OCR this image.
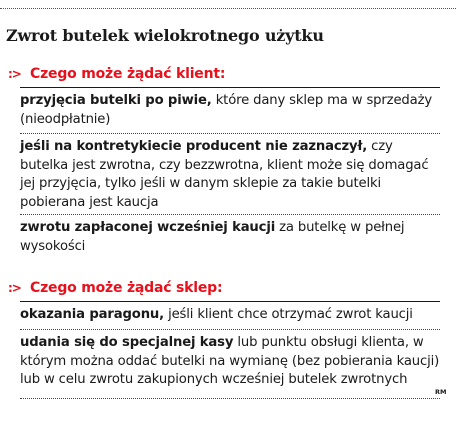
Zwrot butelek wielokrotnego użytku
:> Czego może żądać klient:

przyjęcia butelki po piwie, które dany sklep ma w sprzedaży (nieodpłatnie)

jeśli na kontretykiecie producent nie zaznaczył, czy butelka jest zwrotna, czy bezzwrotna, klient może się domagać jej przyjęcia, tylko jeśli w danym sklepie za takie butelki pobierana jest kaucja

zwrotu zapłaconej wcześniej kaucji za butelkę w pełnej wysokości

:> Czego może żądać sklep:

okazania paragonu, jeśli klient chce otrzymać zwrot kaucji

udania się do specjalnej kasy lub punktu obsługi klienta, w którym można oddać butelki na wymianę (bez pobierania kaucji) lub w celu zwrotu zakupionych wcześniej butelek zwrotnych

RM
